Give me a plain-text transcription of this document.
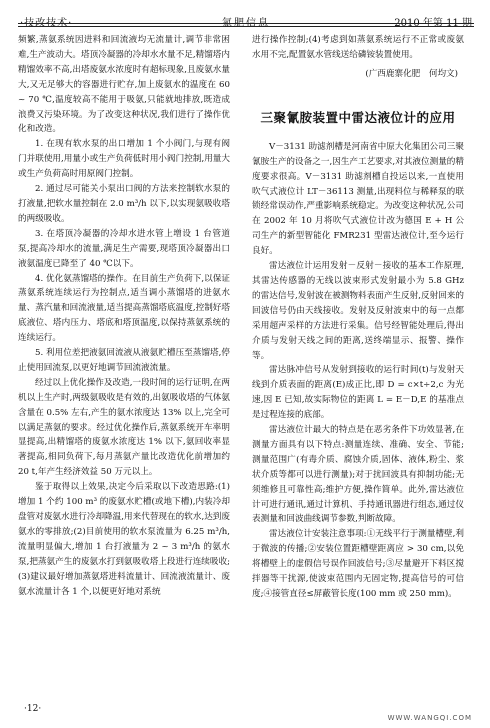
·技改技术·	氮肥信息	2010 年第 11 期

频繁,蒸氨系统因进料和回流液均无流量计,调节非常困难,生产波动大。塔顶冷凝器的冷却水水量不足,精馏塔内精馏效率不高,出塔废氨水浓度时有超标现象,且废氨水量大,又无足够大的容器进行贮存,加上废氨水的温度在 60 ~ 70 ℃,温度较高不能用于吸氨,只能就地排放,既造成浪费又污染环境。为了改变这种状况,我们进行了操作优化和改造。

1. 在现有软水泵的出口增加 1 个小阀门,与现有阀门并联使用,用量小或生产负荷低时用小阀门控制,用量大或生产负荷高时用原阀门控制。

2. 通过尽可能关小泵出口阀的方法来控制软水泵的打液量,把软水量控制在 2.0 m³/h 以下,以实现氨吸收塔的两级吸收。

3. 在塔顶冷凝器的冷却水进水管上增设 1 台管道泵,提高冷却水的流量,满足生产需要,现塔顶冷凝器出口液氨温度已降至了 40 ℃以下。

4. 优化氨蒸馏塔的操作。在目前生产负荷下,以保证蒸氨系统连续运行为控制点,适当调小蒸馏塔的进氨水量、蒸汽量和回流液量,适当提高蒸馏塔底温度,控制好塔底液位、塔内压力、塔底和塔顶温度,以保持蒸氨系统的连续运行。

5. 利用位差把液氨回流液从液氨贮槽压至蒸馏塔,停止使用回流泵,以更好地调节回流液流量。

经过以上优化操作及改造,一段时间的运行证明,在两机以上生产时,两级氨吸收是有效的,出氨吸收塔的气体氨含量在 0.5% 左右,产生的氨水浓度达 13% 以上,完全可以满足蒸氨的要求。经过优化操作后,蒸氨系统开车率明显提高,出精馏塔的废氨水浓度达 1% 以下,氨回收率显著提高,相同负荷下,每月蒸氨产量比改造优化前增加约 20 t,年产生经济效益 50 万元以上。

鉴于取得以上效果,决定今后采取以下改造思路:(1)增加 1 个约 100 m³ 的废氨水贮槽(或地下槽),内装冷却盘管对废氨水进行冷却降温,用来代替现在的软水,达到废氨水的零排放;(2)目前使用的软水泵流量为 6.25 m³/h,流量明显偏大,增加 1 台打液量为 2 ~ 3 m³/h 的氨水泵,把蒸氨产生的废氨水打到氨吸收塔上段进行连续吸收;(3)建议最好增加蒸氨塔进料流量计、回流液流量计、废氨水流量计各 1 个,以便更好地对系统

进行操作控制;(4)考虑到如蒸氨系统运行不正常或废氨水用不完,配置氨水管线送给磷铵装置使用。

(广西鹿寨化肥　何均文)
三聚氰胺装置中雷达液位计的应用

V－3131 助滤剂槽是河南省中原大化集团公司三聚氰胺生产的设备之一,因生产工艺要求,对其液位测量的精度要求很高。V－3131 助滤剂槽自投运以来,一直使用吹气式液位计 LT－36113 测量,出现料位与稀释泵的联锁经常误动作,严重影响系统稳定。为改变这种状况,公司在 2002 年 10 月将吹气式液位计改为德国 E + H 公司生产的新型智能化 FMR231 型雷达液位计,至今运行良好。

雷达液位计运用发射－反射－接收的基本工作原理,其雷达传感器的无线以波束形式发射最小为 5.8 GHz 的雷达信号,发射波在被测物料表面产生反射,反射回来的回波信号仍由天线接收。发射及反射波束中的每一点都采用超声采样的方法进行采集。信号经智能处理后,得出介质与发射天线之间的距离,送终端显示、报警、操作等。

雷达脉冲信号从发射到接收的运行时间(t)与发射天线到介质表面的距离(E)成正比,即 D = c×t÷2,c 为光速,因 E 已知,故实际物位的距离 L = E－D,E 的基准点是过程连接的底部。

雷达液位计最大的特点是在恶劣条件下功效显著,在测量方面具有以下特点:测量连续、准确、安全、节能;测量范围广(有毒介质、腐蚀介质,固体、液体,粉尘、浆状介质等都可以进行测量);对于扰回波具有抑制功能;无须维修且可靠性高;维护方便,操作简单。此外,雷达液位计可进行通讯,通过计算机、手持通讯器进行组态,通过仪表测量和回波曲线调节参数,判断故障。

雷达液位计安装注意事项:①无线平行于测量槽壁,利于微波的传播;②安装位置距槽壁距离应 > 30 cm,以免将槽壁上的虚假信号误作回波信号;③尽量避开下料区搅拌器等干扰源,使波束范围内无固定物,提高信号的可信度;④接管直径≤屏蔽管长度(100 mm 或 250 mm)。

·12·
WWW.WANGQI.COM
